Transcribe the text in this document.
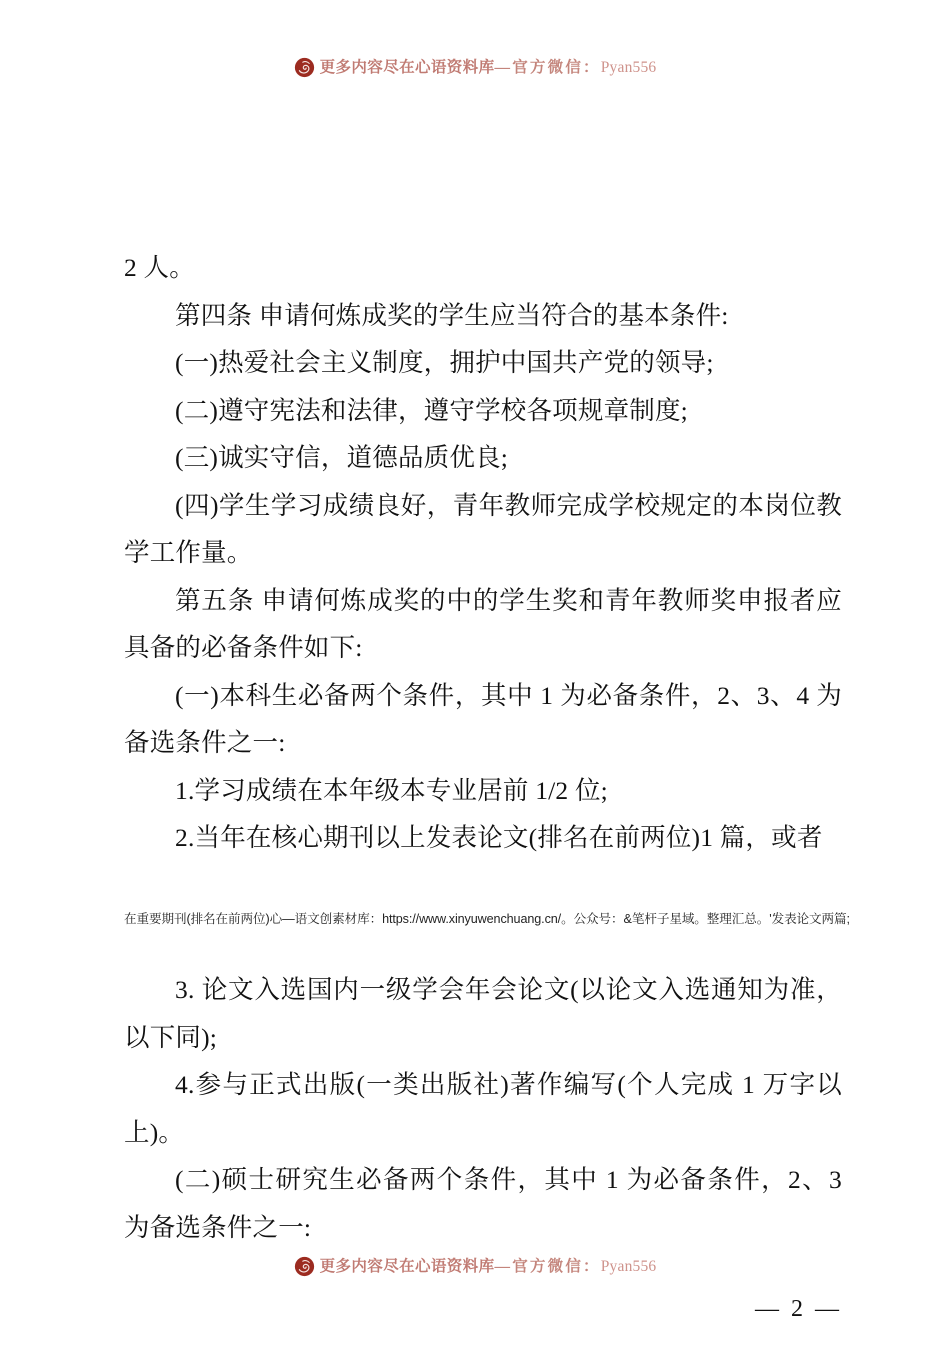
更多内容尽在心语资料库—官方微信：Pyan556

2 人。

第四条 申请何炼成奖的学生应当符合的基本条件:

(一)热爱社会主义制度，拥护中国共产党的领导;

(二)遵守宪法和法律，遵守学校各项规章制度;

(三)诚实守信，道德品质优良;

(四)学生学习成绩良好，青年教师完成学校规定的本岗位教学工作量。

第五条 申请何炼成奖的中的学生奖和青年教师奖申报者应具备的必备条件如下:

(一)本科生必备两个条件，其中 1 为必备条件，2、3、4 为备选条件之一:

1.学习成绩在本年级本专业居前 1/2 位;

2.当年在核心期刊以上发表论文(排名在前两位)1 篇，或者

在重要期刊(排名在前两位)心—语文创素材库：https://www.xinyuwenchuang.cn/。公众号：&笔杆子星域。整理汇总。'发表论文两篇;

3. 论文入选国内一级学会年会论文(以论文入选通知为准，以下同);

4.参与正式出版(一类出版社)著作编写(个人完成 1 万字以上)。

(二)硕士研究生必备两个条件，其中 1 为必备条件，2、3 为备选条件之一:

更多内容尽在心语资料库—官方微信：Pyan556
— 2 —
